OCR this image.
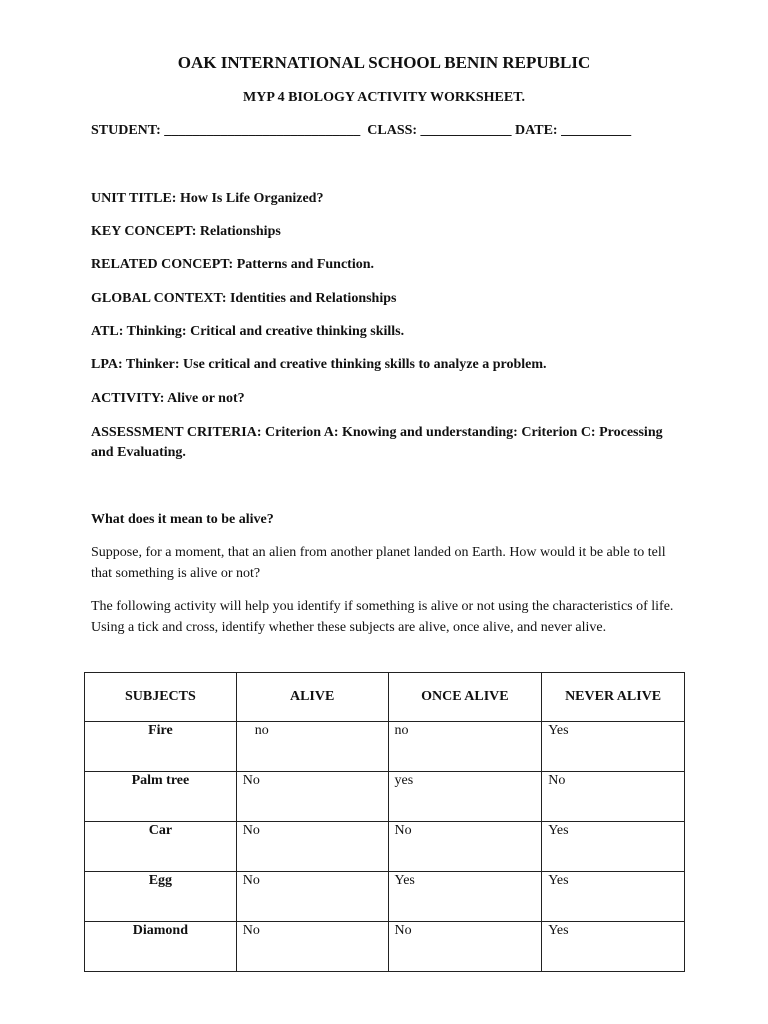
OAK INTERNATIONAL SCHOOL BENIN REPUBLIC
MYP 4 BIOLOGY ACTIVITY WORKSHEET.
STUDENT: ____________________________  CLASS: _____________ DATE: __________

UNIT TITLE: How Is Life Organized?

KEY CONCEPT: Relationships

RELATED CONCEPT: Patterns and Function.

GLOBAL CONTEXT: Identities and Relationships

ATL: Thinking: Critical and creative thinking skills.

LPA: Thinker: Use critical and creative thinking skills to analyze a problem.

ACTIVITY: Alive or not?

ASSESSMENT CRITERIA: Criterion A: Knowing and understanding: Criterion C: Processing and Evaluating.

What does it mean to be alive?

Suppose, for a moment, that an alien from another planet landed on Earth. How would it be able to tell that something is alive or not?

The following activity will help you identify if something is alive or not using the characteristics of life. Using a tick and cross, identify whether these subjects are alive, once alive, and never alive.

SUBJECTS	ALIVE	ONCE ALIVE	NEVER ALIVE
Fire	no	no	Yes
Palm tree	No	yes	No
Car	No	No	Yes
Egg	No	Yes	Yes
Diamond	No	No	Yes
